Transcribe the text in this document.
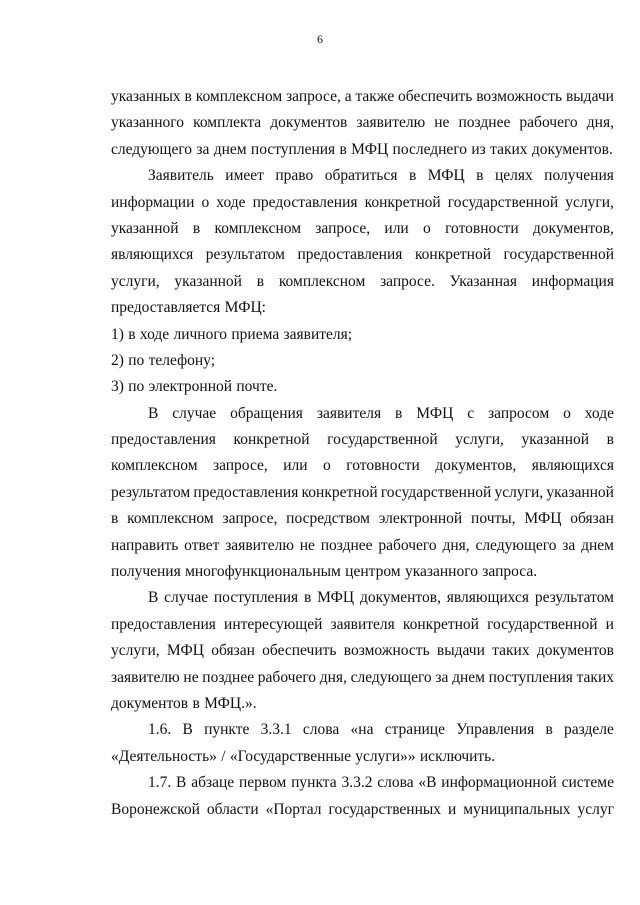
6
указанных в комплексном запросе, а также обеспечить возможность выдачи
указанного комплекта документов заявителю не позднее рабочего дня,
следующего за днем поступления в МФЦ последнего из таких документов.
Заявитель имеет право обратиться в МФЦ в целях получения
информации о ходе предоставления конкретной государственной услуги,
указанной в комплексном запросе, или о готовности документов,
являющихся результатом предоставления конкретной государственной
услуги, указанной в комплексном запросе. Указанная информация
предоставляется МФЦ:
1) в ходе личного приема заявителя;
2) по телефону;
3) по электронной почте.
В случае обращения заявителя в МФЦ с запросом о ходе
предоставления конкретной государственной услуги, указанной в
комплексном запросе, или о готовности документов, являющихся
результатом предоставления конкретной государственной услуги, указанной
в комплексном запросе, посредством электронной почты, МФЦ обязан
направить ответ заявителю не позднее рабочего дня, следующего за днем
получения многофункциональным центром указанного запроса.
В случае поступления в МФЦ документов, являющихся результатом
предоставления интересующей заявителя конкретной государственной и
услуги, МФЦ обязан обеспечить возможность выдачи таких документов
заявителю не позднее рабочего дня, следующего за днем поступления таких
документов в МФЦ.».
1.6. В пункте 3.3.1 слова «на странице Управления в разделе
«Деятельность» / «Государственные услуги»» исключить.
1.7. В абзаце первом пункта 3.3.2 слова «В информационной системе
Воронежской области «Портал государственных и муниципальных услуг
